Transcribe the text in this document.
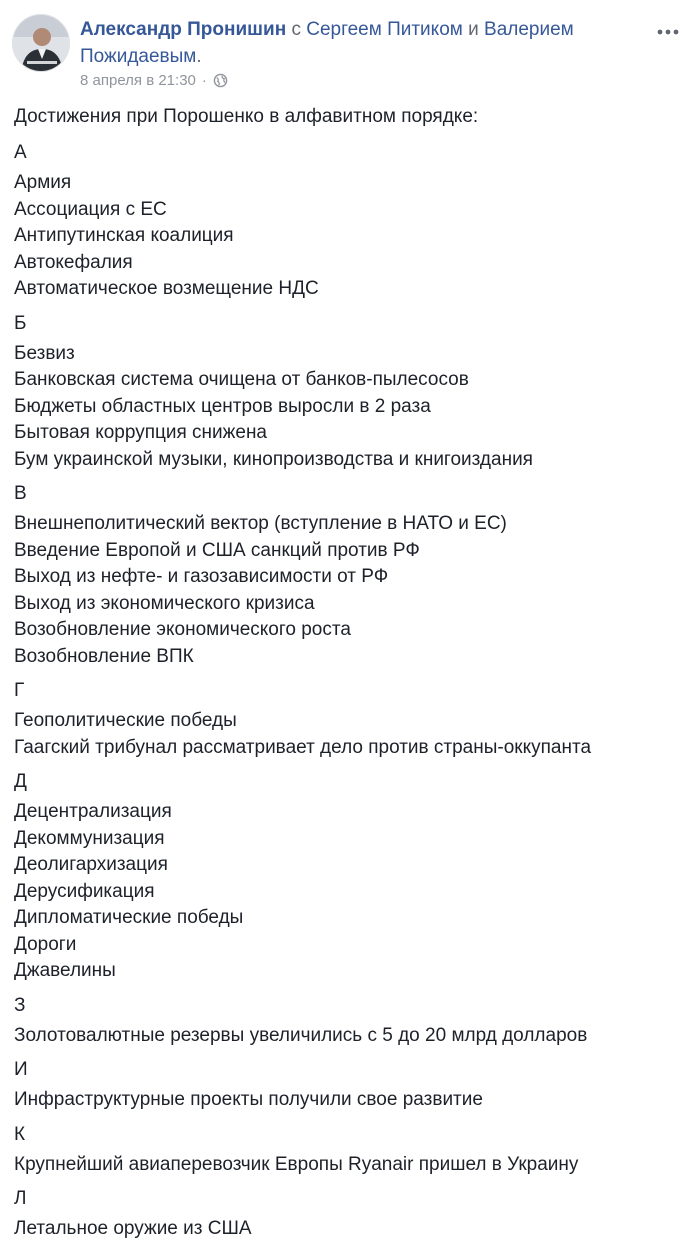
Александр Пронишин с Сергеем Питиком и Валерием Пожидаевым.
8 апреля в 21:30 ·
Достижения при Порошенко в алфавитном порядке:
А
Армия
Ассоциация с ЕС
Антипутинская коалиция
Автокефалия
Автоматическое возмещение НДС
Б
Безвиз
Банковская система очищена от банков-пылесосов
Бюджеты областных центров выросли в 2 раза
Бытовая коррупция снижена
Бум украинской музыки, кинопроизводства и книгоиздания
В
Внешнеполитический вектор (вступление в НАТО и ЕС)
Введение Европой и США санкций против РФ
Выход из нефте- и газозависимости от РФ
Выход из экономического кризиса
Возобновление экономического роста
Возобновление ВПК
Г
Геополитические победы
Гаагский трибунал рассматривает дело против страны-оккупанта
Д
Децентрализация
Декоммунизация
Деолигархизация
Дерусификация
Дипломатические победы
Дороги
Джавелины
З
Золотовалютные резервы увеличились с 5 до 20 млрд долларов
И
Инфраструктурные проекты получили свое развитие
К
Крупнейший авиаперевозчик Европы Ryanair пришел в Украину
Л
Летальное оружие из США
